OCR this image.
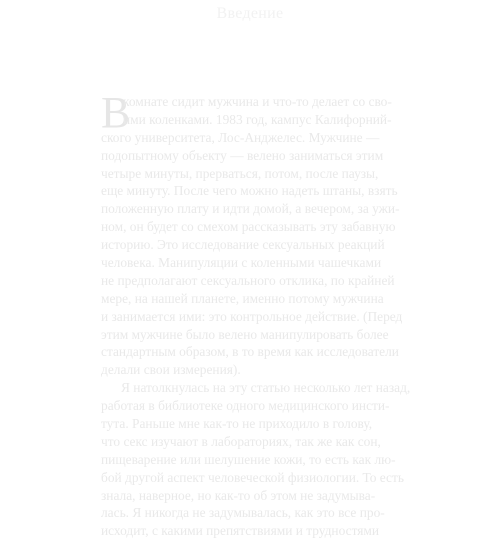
Введение
В
комнате сидит мужчина и что-то делает со сво-
ими коленками. 1983 год, кампус Калифорний-
ского университета, Лос-Анджелес. Мужчине —
подопытному объекту — велено заниматься этим
четыре минуты, прерваться, потом, после паузы,
еще минуту. После чего можно надеть штаны, взять
положенную плату и идти домой, а вечером, за ужи-
ном, он будет со смехом рассказывать эту забавную
историю. Это исследование сексуальных реакций
человека. Манипуляции с коленными чашечками
не предполагают сексуального отклика, по крайней
мере, на нашей планете, именно потому мужчина
и занимается ими: это контрольное действие. (Перед
этим мужчине было велено манипулировать более
стандартным образом, в то время как исследователи
делали свои измерения).
Я натолкнулась на эту статью несколько лет назад,
работая в библиотеке одного медицинского инсти-
тута. Раньше мне как-то не приходило в голову,
что секс изучают в лабораториях, так же как сон,
пищеварение или шелушение кожи, то есть как лю-
бой другой аспект человеческой физиологии. То есть
знала, наверное, но как-то об этом не задумыва-
лась. Я никогда не задумывалась, как это все про-
исходит, с какими препятствиями и трудностями
